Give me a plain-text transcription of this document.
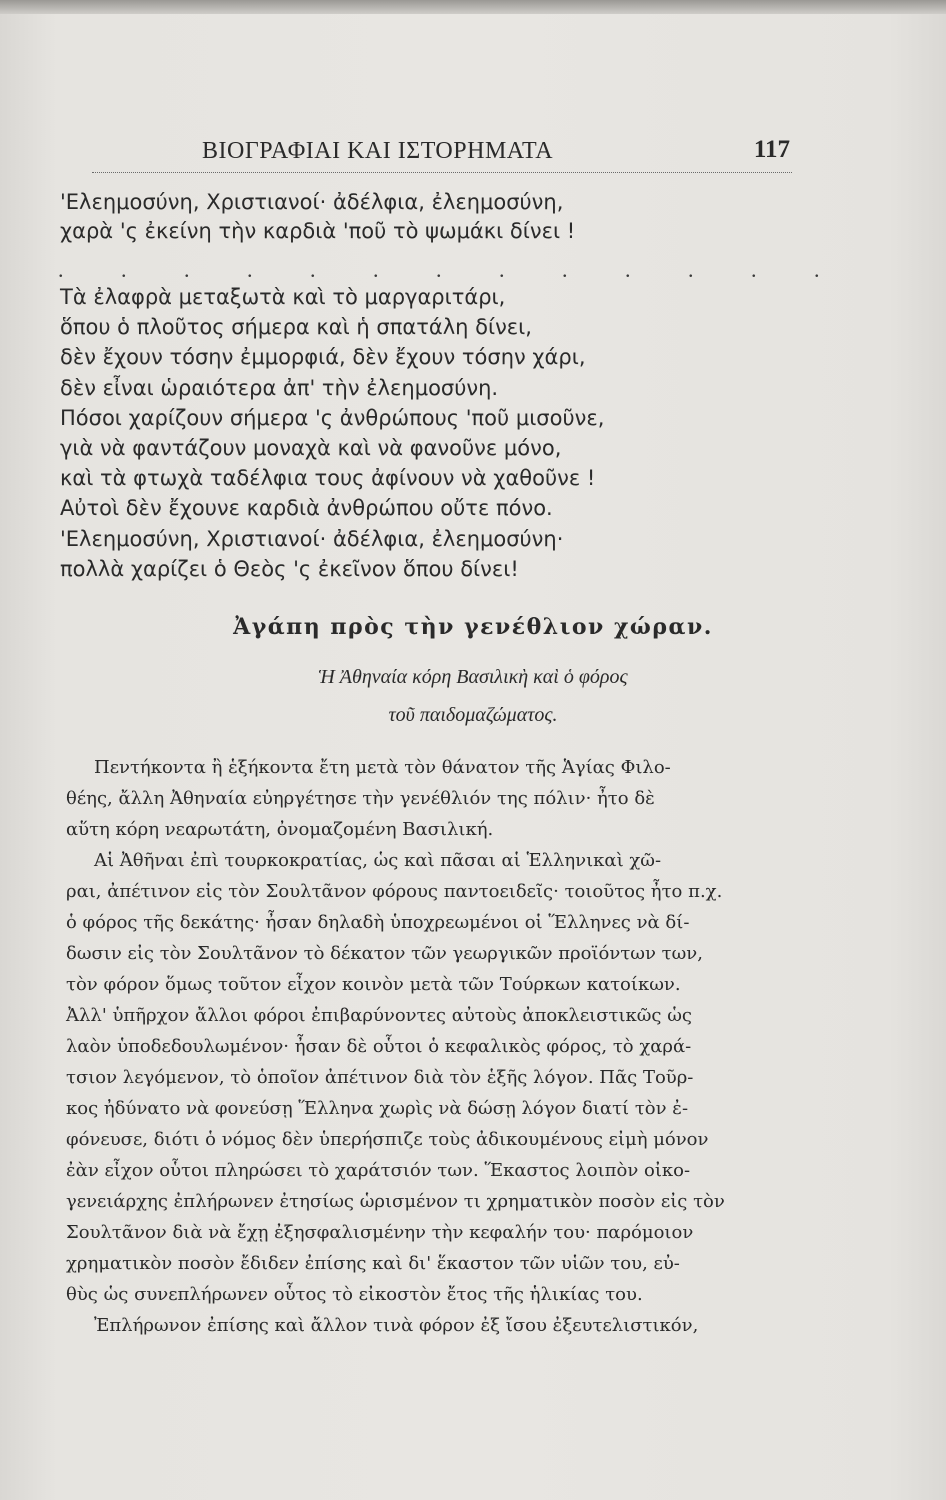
ΒΙΟΓΡΑΦΙΑΙ ΚΑΙ ΙΣΤΟΡΗΜΑΤΑ	117
'Ελεημοσύνη, Χριστιανοί· ἀδέλφια, ἐλεημοσύνη,
χαρὰ 'ς ἐκείνη τὴν καρδιὰ 'ποῦ τὸ ψωμάκι δίνει !
. . . . . . . . . . . . .
Τὰ ἐλαφρὰ μεταξωτὰ καὶ τὸ μαργαριτάρι,
ὅπου ὁ πλοῦτος σήμερα καὶ ἡ σπατάλη δίνει,
δὲν ἔχουν τόσην ἐμμορφιά, δὲν ἔχουν τόσην χάρι,
δὲν εἶναι ὡραιότερα ἀπ' τὴν ἐλεημοσύνη.
Πόσοι χαρίζουν σήμερα 'ς ἀνθρώπους 'ποῦ μισοῦνε,
γιὰ νὰ φαντάζουν μοναχὰ καὶ νὰ φανοῦνε μόνο,
καὶ τὰ φτωχὰ ταδέλφια τους ἀφίνουν νὰ χαθοῦνε !
Αὐτοὶ δὲν ἔχουνε καρδιὰ ἀνθρώπου οὔτε πόνο.
'Ελεημοσύνη, Χριστιανοί· ἀδέλφια, ἐλεημοσύνη·
πολλὰ χαρίζει ὁ Θεὸς 'ς ἐκεῖνον ὅπου δίνει!
Ἀγάπη πρὸς τὴν γενέθλιον χώραν.
Ἡ Ἀθηναία κόρη Βασιλικὴ καὶ ὁ φόρος
τοῦ παιδομαζώματος.
Πεντήκοντα ἢ ἑξήκοντα ἔτη μετὰ τὸν θάνατον τῆς Ἁγίας Φιλο-
θέης, ἄλλη Ἀθηναία εὐηργέτησε τὴν γενέθλιόν της πόλιν· ἦτο δὲ
αὕτη κόρη νεαρωτάτη, ὀνομαζομένη Βασιλική.
Αἱ Ἀθῆναι ἐπὶ τουρκοκρατίας, ὡς καὶ πᾶσαι αἱ Ἑλληνικαὶ χῶ-
ραι, ἀπέτινον εἰς τὸν Σουλτᾶνον φόρους παντοειδεῖς· τοιοῦτος ἦτο π.χ.
ὁ φόρος τῆς δεκάτης· ἦσαν δηλαδὴ ὑποχρεωμένοι οἱ Ἕλληνες νὰ δί-
δωσιν εἰς τὸν Σουλτᾶνον τὸ δέκατον τῶν γεωργικῶν προϊόντων των,
τὸν φόρον ὅμως τοῦτον εἶχον κοινὸν μετὰ τῶν Τούρκων κατοίκων.
Ἀλλ' ὑπῆρχον ἄλλοι φόροι ἐπιβαρύνοντες αὐτοὺς ἀποκλειστικῶς ὡς
λαὸν ὑποδεδουλωμένον· ἦσαν δὲ οὗτοι ὁ κεφαλικὸς φόρος, τὸ χαρά-
τσιον λεγόμενον, τὸ ὁποῖον ἀπέτινον διὰ τὸν ἑξῆς λόγον. Πᾶς Τοῦρ-
κος ἠδύνατο νὰ φονεύσῃ Ἕλληνα χωρὶς νὰ δώσῃ λόγον διατί τὸν ἐ-
φόνευσε, διότι ὁ νόμος δὲν ὑπερήσπιζε τοὺς ἀδικουμένους εἰμὴ μόνον
ἐὰν εἶχον οὗτοι πληρώσει τὸ χαράτσιόν των. Ἕκαστος λοιπὸν οἰκο-
γενειάρχης ἐπλήρωνεν ἐτησίως ὡρισμένον τι χρηματικὸν ποσὸν εἰς τὸν
Σουλτᾶνον διὰ νὰ ἔχῃ ἐξησφαλισμένην τὴν κεφαλήν του· παρόμοιον
χρηματικὸν ποσὸν ἔδιδεν ἐπίσης καὶ δι' ἕκαστον τῶν υἱῶν του, εὐ-
θὺς ὡς συνεπλήρωνεν οὗτος τὸ εἰκοστὸν ἔτος τῆς ἡλικίας του.
Ἐπλήρωνον ἐπίσης καὶ ἄλλον τινὰ φόρον ἐξ ἴσου ἐξευτελιστικόν,
